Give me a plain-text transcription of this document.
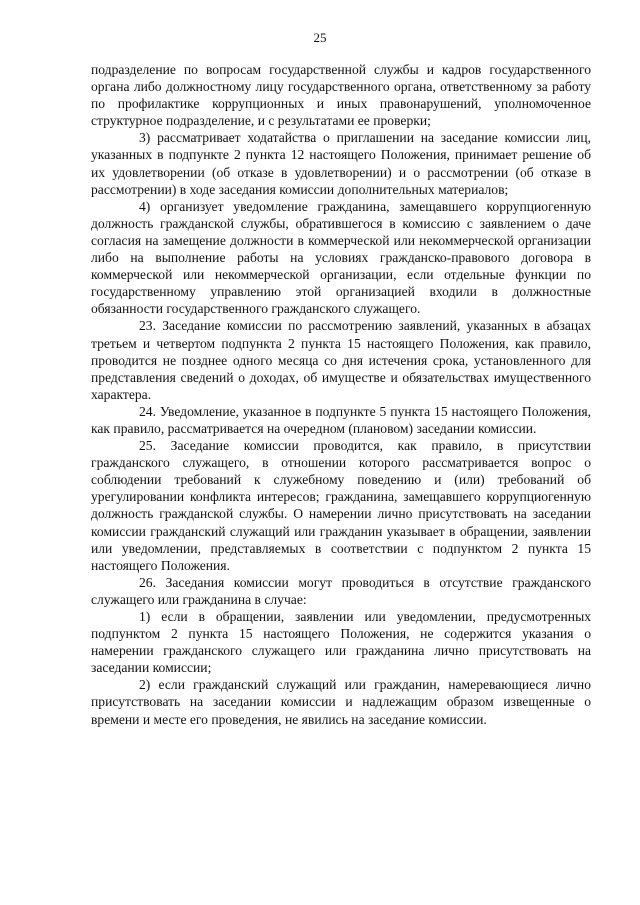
25

подразделение по вопросам государственной службы и кадров государственного органа либо должностному лицу государственного органа, ответственному за работу по профилактике коррупционных и иных правонарушений, уполномоченное структурное подразделение, и с результатами ее проверки;

3) рассматривает ходатайства о приглашении на заседание комиссии лиц, указанных в подпункте 2 пункта 12 настоящего Положения, принимает решение об их удовлетворении (об отказе в удовлетворении) и о рассмотрении (об отказе в рассмотрении) в ходе заседания комиссии дополнительных материалов;

4) организует уведомление гражданина, замещавшего коррупциогенную должность гражданской службы, обратившегося в комиссию с заявлением о даче согласия на замещение должности в коммерческой или некоммерческой организации либо на выполнение работы на условиях гражданско-правового договора в коммерческой или некоммерческой организации, если отдельные функции по государственному управлению этой организацией входили в должностные обязанности государственного гражданского служащего.

23. Заседание комиссии по рассмотрению заявлений, указанных в абзацах третьем и четвертом подпункта 2 пункта 15 настоящего Положения, как правило, проводится не позднее одного месяца со дня истечения срока, установленного для представления сведений о доходах, об имуществе и обязательствах имущественного характера.

24. Уведомление, указанное в подпункте 5 пункта 15 настоящего Положения, как правило, рассматривается на очередном (плановом) заседании комиссии.

25. Заседание комиссии проводится, как правило, в присутствии гражданского служащего, в отношении которого рассматривается вопрос о соблюдении требований к служебному поведению и (или) требований об урегулировании конфликта интересов; гражданина, замещавшего коррупциогенную должность гражданской службы. О намерении лично присутствовать на заседании комиссии гражданский служащий или гражданин указывает в обращении, заявлении или уведомлении, представляемых в соответствии с подпунктом 2 пункта 15 настоящего Положения.

26. Заседания комиссии могут проводиться в отсутствие гражданского служащего или гражданина в случае:

1) если в обращении, заявлении или уведомлении, предусмотренных подпунктом 2 пункта 15 настоящего Положения, не содержится указания о намерении гражданского служащего или гражданина лично присутствовать на заседании комиссии;

2) если гражданский служащий или гражданин, намеревающиеся лично присутствовать на заседании комиссии и надлежащим образом извещенные о времени и месте его проведения, не явились на заседание комиссии.
